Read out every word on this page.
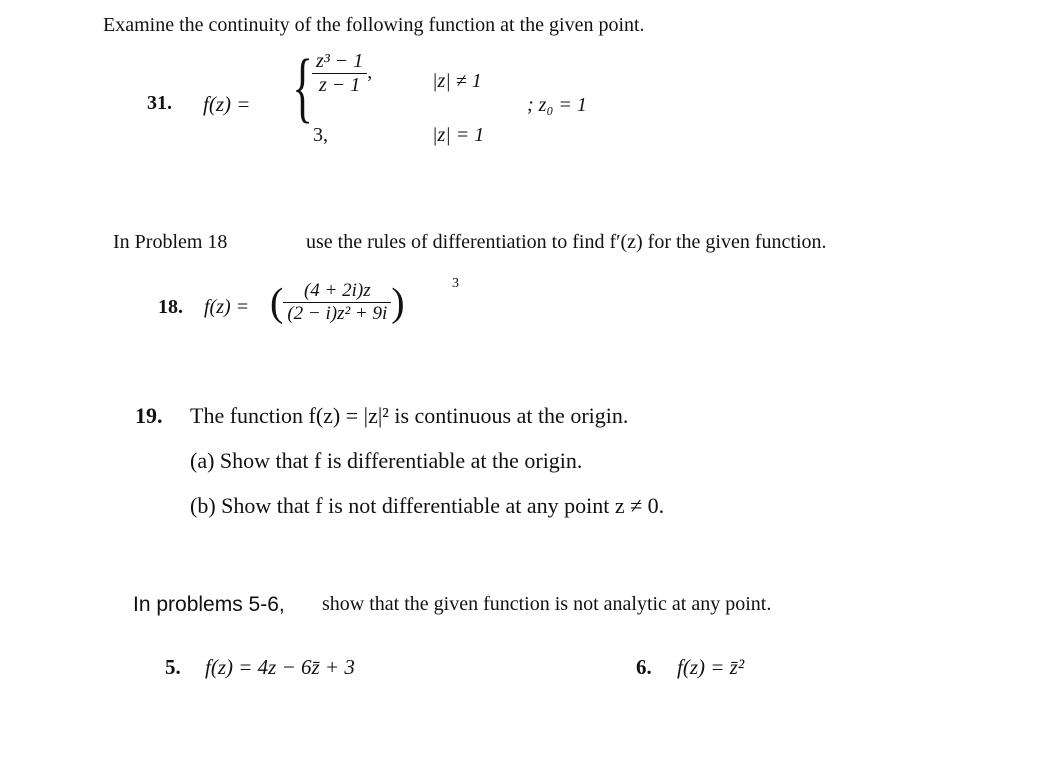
Examine the continuity of the following function at the given point.
31. f(z) = {
$\frac{\text{z³ − 1}}{z - 1}$ ,	|z| ≠ 1
3,	|z| = 1
; z₀ = 1
In Problem 18	use the rules of differentiation to find f′(z) for the given function.
18. f(z) = ( $\frac{(4 + 2i)z}{\text{(2 − i)z² + 9i}}$ )	3
19. The function f(z) = |z|² is continuous at the origin.
(a) Show that f is differentiable at the origin.
(b) Show that f is not differentiable at any point z ≠ 0.
In problems 5-6, show that the given function is not analytic at any point.
5. f(z) = 4z − 6z̄ + 3	6. f(z) = z̄²
